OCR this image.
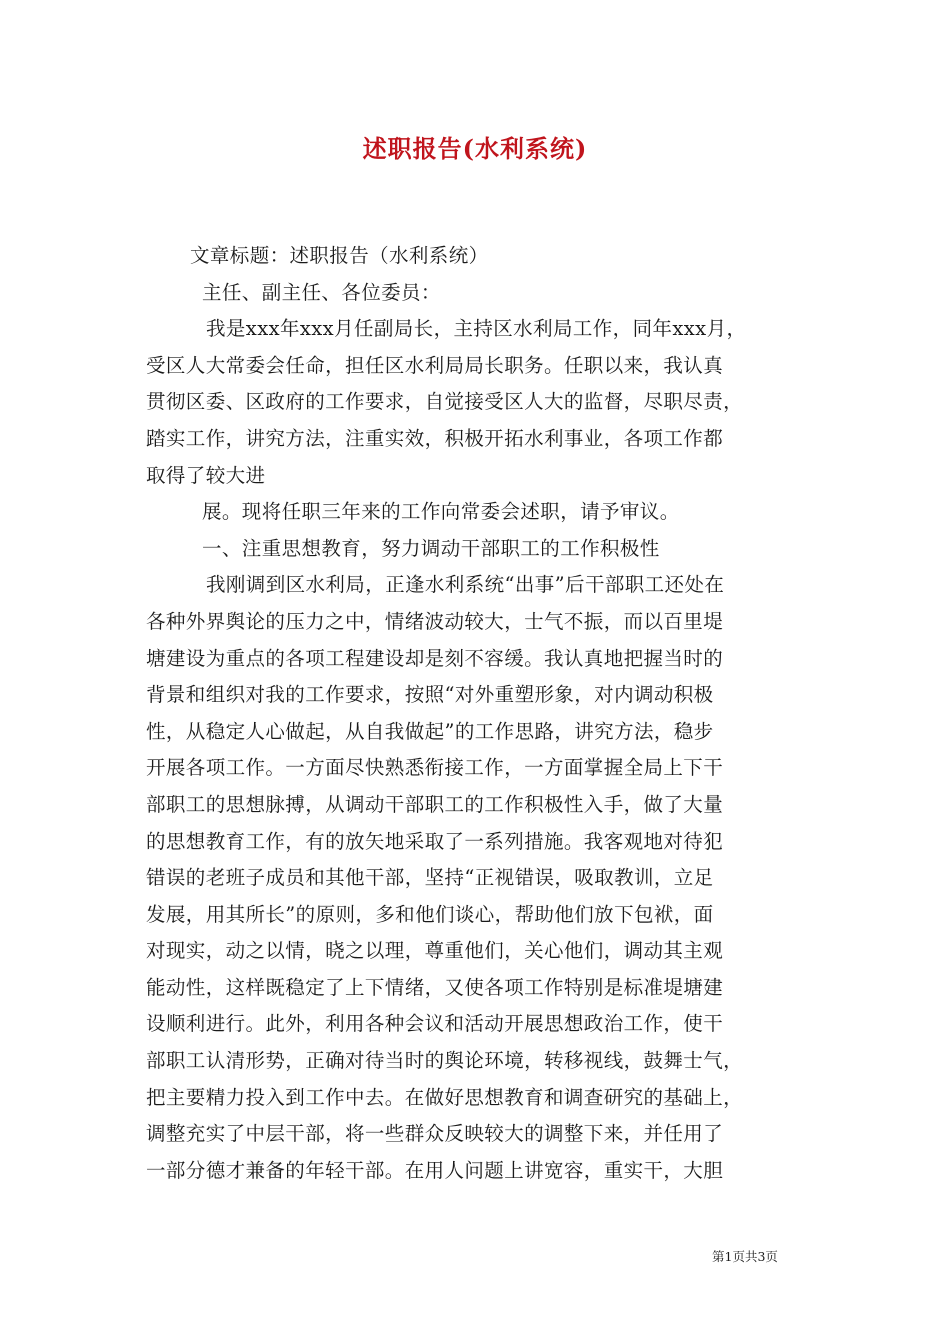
述职报告(水利系统)

文章标题：述职报告（水利系统）

主任、副主任、各位委员：

我是xxx年xxx月任副局长，主持区水利局工作，同年xxx月，

受区人大常委会任命，担任区水利局局长职务。任职以来，我认真

贯彻区委、区政府的工作要求，自觉接受区人大的监督，尽职尽责，

踏实工作，讲究方法，注重实效，积极开拓水利事业，各项工作都

取得了较大进

展。现将任职三年来的工作向常委会述职，请予审议。

一、注重思想教育，努力调动干部职工的工作积极性

我刚调到区水利局，正逢水利系统“出事”后干部职工还处在

各种外界舆论的压力之中，情绪波动较大，士气不振，而以百里堤

塘建设为重点的各项工程建设却是刻不容缓。我认真地把握当时的

背景和组织对我的工作要求，按照“对外重塑形象，对内调动积极

性，从稳定人心做起，从自我做起”的工作思路，讲究方法，稳步

开展各项工作。一方面尽快熟悉衔接工作，一方面掌握全局上下干

部职工的思想脉搏，从调动干部职工的工作积极性入手，做了大量

的思想教育工作，有的放矢地采取了一系列措施。我客观地对待犯

错误的老班子成员和其他干部，坚持“正视错误，吸取教训，立足

发展，用其所长”的原则，多和他们谈心，帮助他们放下包袱，面

对现实，动之以情，晓之以理，尊重他们，关心他们，调动其主观

能动性，这样既稳定了上下情绪，又使各项工作特别是标准堤塘建

设顺利进行。此外，利用各种会议和活动开展思想政治工作，使干

部职工认清形势，正确对待当时的舆论环境，转移视线，鼓舞士气，

把主要精力投入到工作中去。在做好思想教育和调查研究的基础上，

调整充实了中层干部，将一些群众反映较大的调整下来，并任用了

一部分德才兼备的年轻干部。在用人问题上讲宽容，重实干，大胆

第1页共3页
